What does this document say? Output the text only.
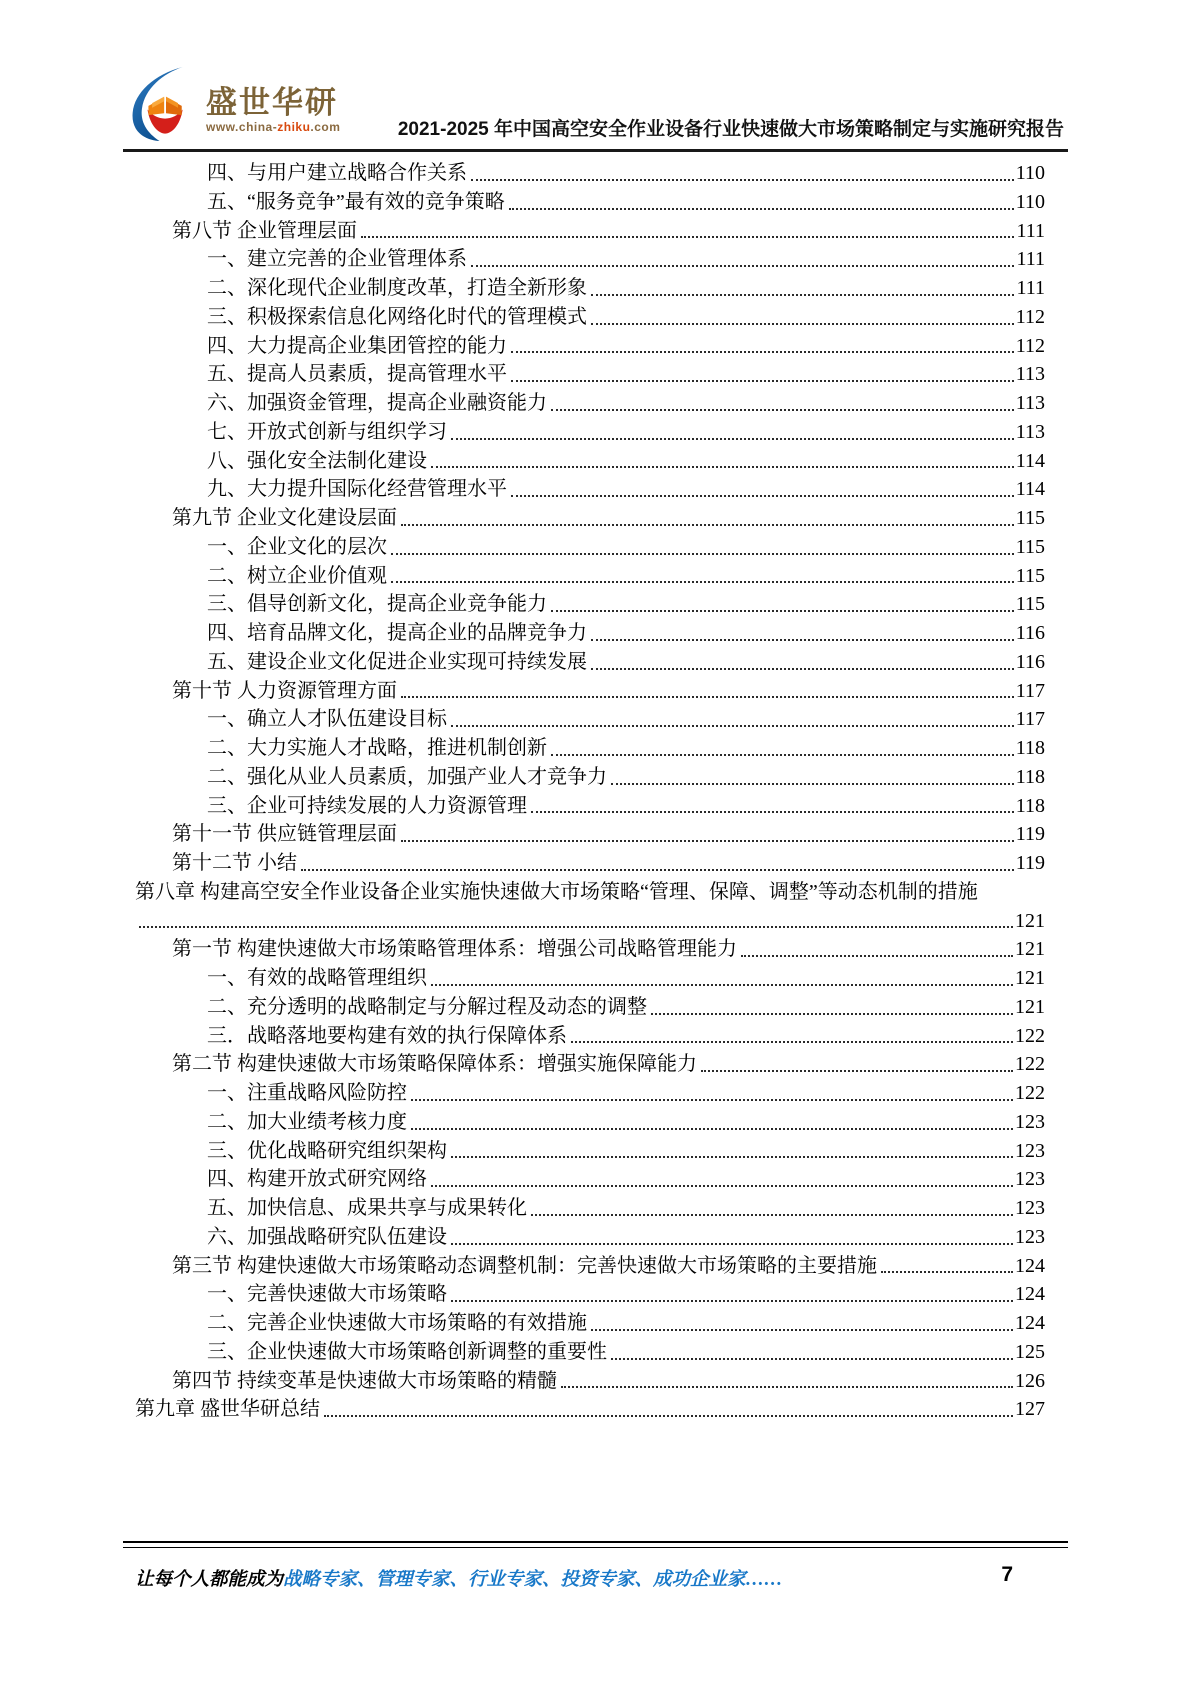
盛世华研
www.china-zhiku.com	2021-2025 年中国高空安全作业设备行业快速做大市场策略制定与实施研究报告
四、与用户建立战略合作关系	110
五、“服务竞争”最有效的竞争策略	110
第八节 企业管理层面	111
一、建立完善的企业管理体系	111
二、深化现代企业制度改革，打造全新形象	111
三、积极探索信息化网络化时代的管理模式	112
四、大力提高企业集团管控的能力	112
五、提高人员素质，提高管理水平	113
六、加强资金管理，提高企业融资能力	113
七、开放式创新与组织学习	113
八、强化安全法制化建设	114
九、大力提升国际化经营管理水平	114
第九节 企业文化建设层面	115
一、企业文化的层次	115
二、树立企业价值观	115
三、倡导创新文化，提高企业竞争能力	115
四、培育品牌文化，提高企业的品牌竞争力	116
五、建设企业文化促进企业实现可持续发展	116
第十节 人力资源管理方面	117
一、确立人才队伍建设目标	117
二、大力实施人才战略，推进机制创新	118
二、强化从业人员素质，加强产业人才竞争力	118
三、企业可持续发展的人力资源管理	118
第十一节 供应链管理层面	119
第十二节 小结	119
第八章 构建高空安全作业设备企业实施快速做大市场策略“管理、保障、调整”等动态机制的措施
121
第一节 构建快速做大市场策略管理体系：增强公司战略管理能力	121
一、有效的战略管理组织	121
二、充分透明的战略制定与分解过程及动态的调整	121
三．战略落地要构建有效的执行保障体系	122
第二节 构建快速做大市场策略保障体系：增强实施保障能力	122
一、注重战略风险防控	122
二、加大业绩考核力度	123
三、优化战略研究组织架构	123
四、构建开放式研究网络	123
五、加快信息、成果共享与成果转化	123
六、加强战略研究队伍建设	123
第三节 构建快速做大市场策略动态调整机制：完善快速做大市场策略的主要措施	124
一、完善快速做大市场策略	124
二、完善企业快速做大市场策略的有效措施	124
三、企业快速做大市场策略创新调整的重要性	125
第四节 持续变革是快速做大市场策略的精髓	126
第九章 盛世华研总结	127
让每个人都能成为战略专家、管理专家、行业专家、投资专家、成功企业家……	7
